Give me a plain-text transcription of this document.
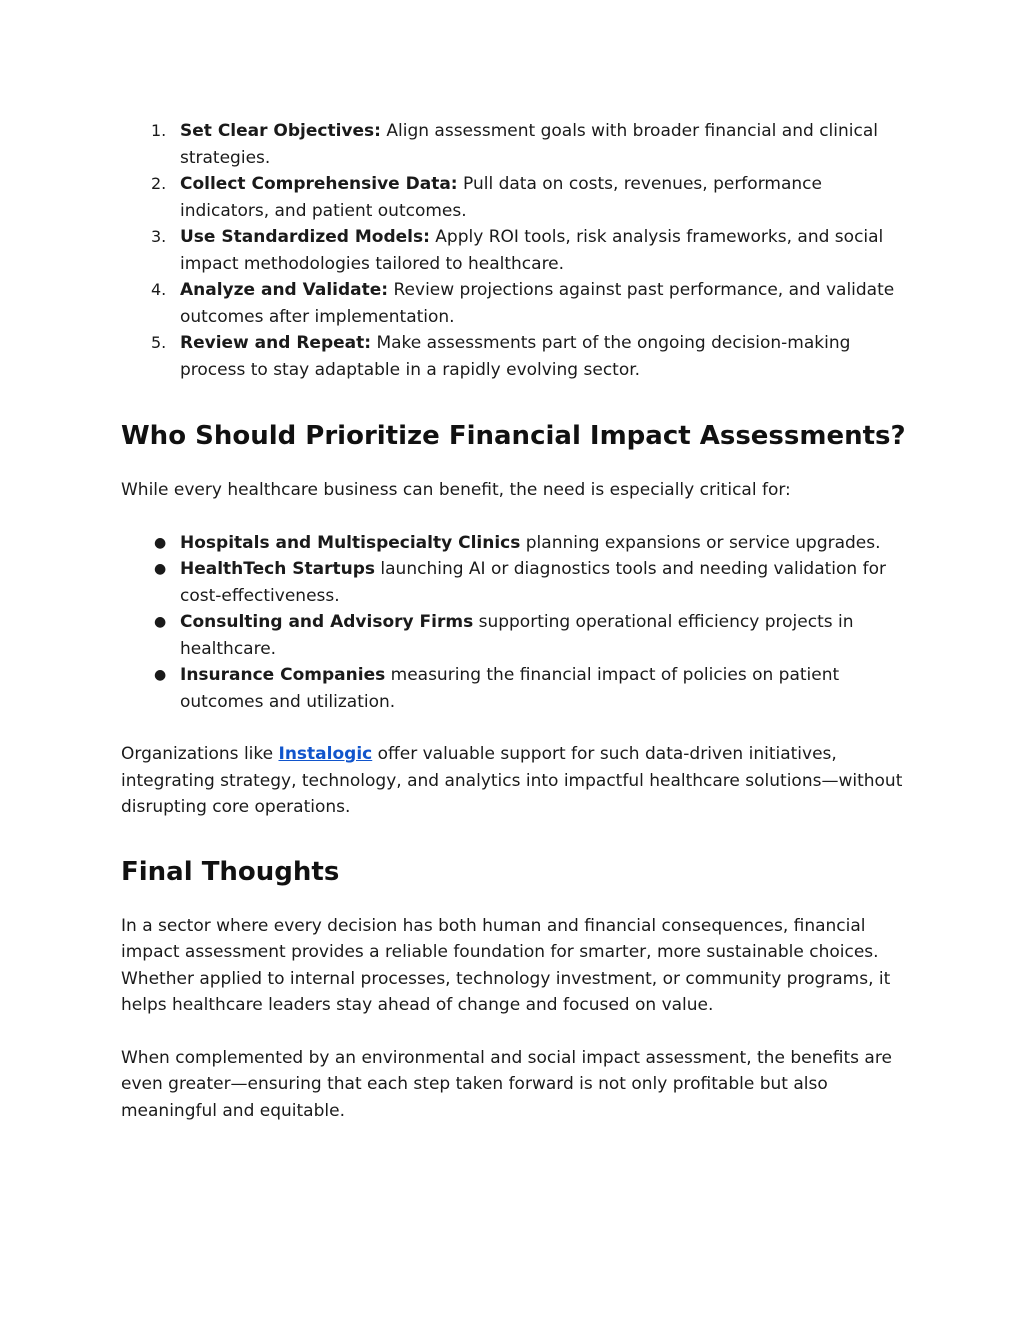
1. Set Clear Objectives: Align assessment goals with broader financial and clinical strategies.
2. Collect Comprehensive Data: Pull data on costs, revenues, performance indicators, and patient outcomes.
3. Use Standardized Models: Apply ROI tools, risk analysis frameworks, and social impact methodologies tailored to healthcare.
4. Analyze and Validate: Review projections against past performance, and validate outcomes after implementation.
5. Review and Repeat: Make assessments part of the ongoing decision-making process to stay adaptable in a rapidly evolving sector.
Who Should Prioritize Financial Impact Assessments?

While every healthcare business can benefit, the need is especially critical for:

● Hospitals and Multispecialty Clinics planning expansions or service upgrades.
● HealthTech Startups launching AI or diagnostics tools and needing validation for cost-effectiveness.
● Consulting and Advisory Firms supporting operational efficiency projects in healthcare.
● Insurance Companies measuring the financial impact of policies on patient outcomes and utilization.

Organizations like Instalogic offer valuable support for such data-driven initiatives, integrating strategy, technology, and analytics into impactful healthcare solutions—without disrupting core operations.

Final Thoughts

In a sector where every decision has both human and financial consequences, financial impact assessment provides a reliable foundation for smarter, more sustainable choices. Whether applied to internal processes, technology investment, or community programs, it helps healthcare leaders stay ahead of change and focused on value.

When complemented by an environmental and social impact assessment, the benefits are even greater—ensuring that each step taken forward is not only profitable but also meaningful and equitable.
